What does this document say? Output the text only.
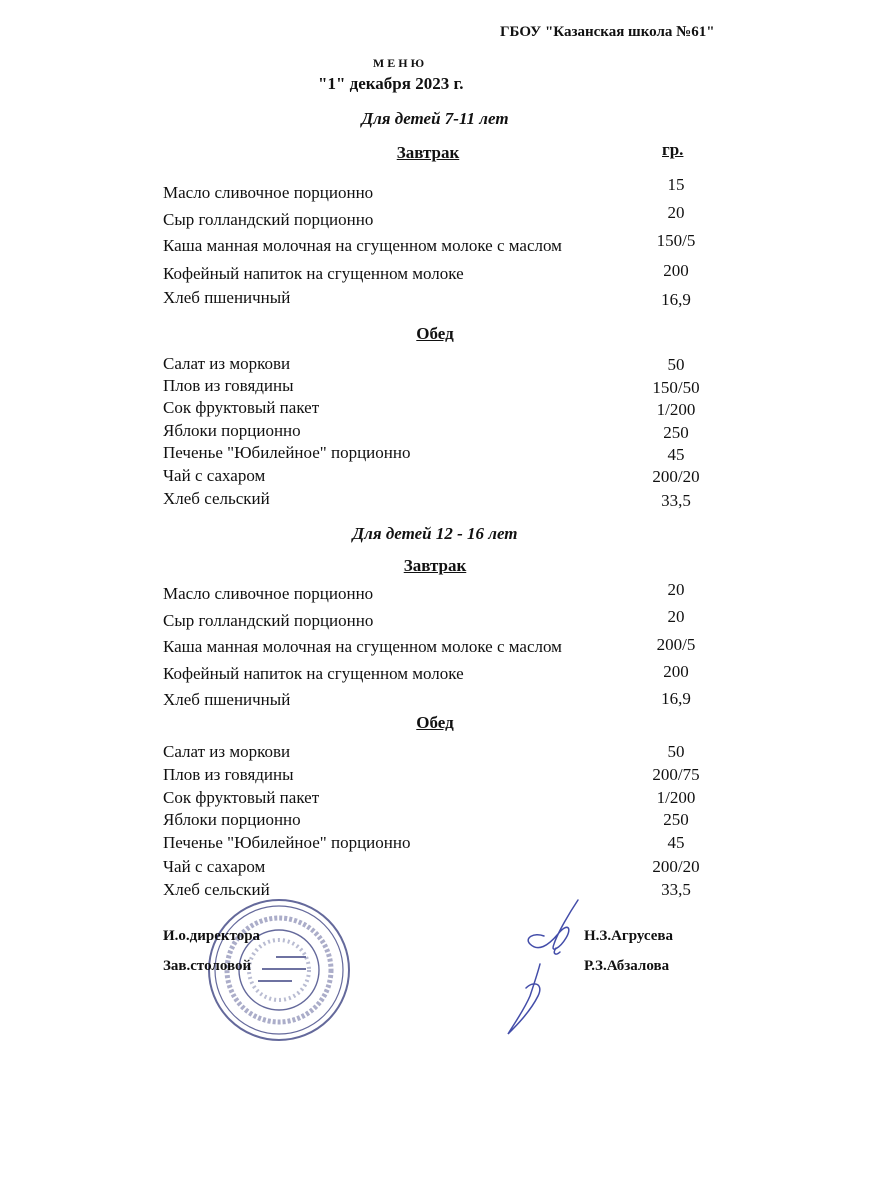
ГБОУ "Казанская школа №61"
МЕНЮ
"1" декабря 2023 г.
Для детей 7-11 лет
Завтрак	гр.
Масло сливочное порционно	15
Сыр голландский порционно	20
Каша манная молочная на сгущенном молоке с маслом	150/5
Кофейный напиток на сгущенном молоке	200
Хлеб пшеничный	16,9
Обед
Салат из моркови	50
Плов из говядины	150/50
Сок фруктовый пакет	1/200
Яблоки порционно	250
Печенье "Юбилейное" порционно	45
Чай с сахаром	200/20
Хлеб сельский	33,5
Для детей 12 - 16 лет
Завтрак
Масло сливочное порционно	20
Сыр голландский порционно	20
Каша манная молочная на сгущенном молоке с маслом	200/5
Кофейный напиток на сгущенном молоке	200
Хлеб пшеничный	16,9
Обед
Салат из моркови	50
Плов из говядины	200/75
Сок фруктовый пакет	1/200
Яблоки порционно	250
Печенье "Юбилейное" порционно	45
Чай с сахаром	200/20
Хлеб сельский	33,5
И.о.директора	Н.З.Агрусева
Зав.столовой	Р.З.Абзалова
